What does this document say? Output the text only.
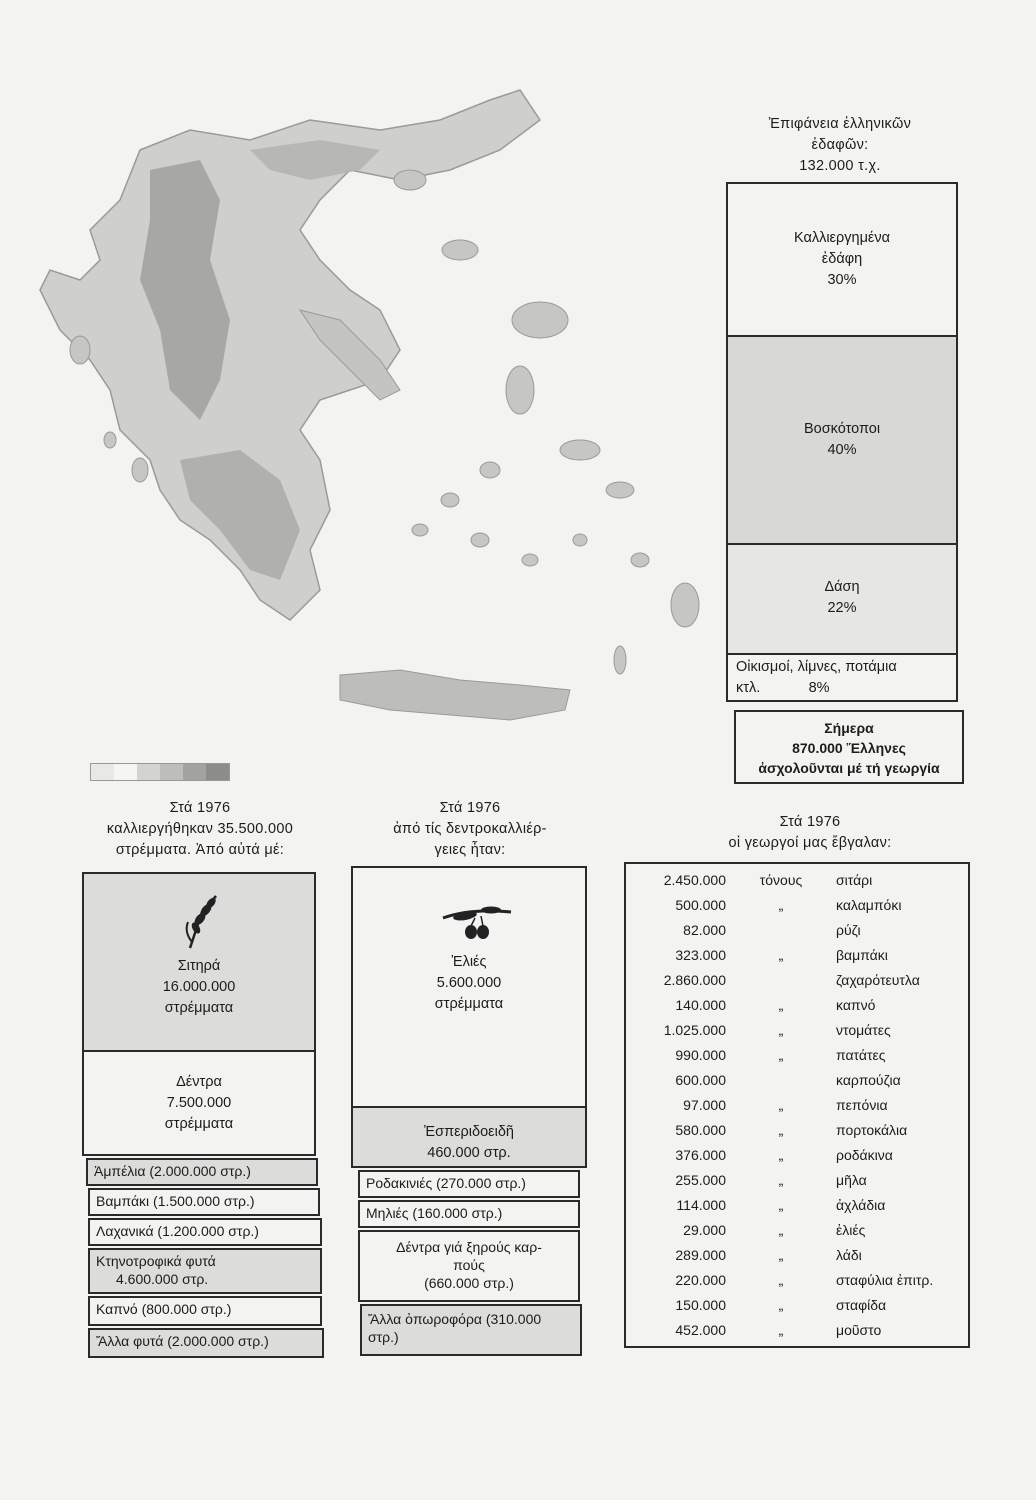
Ἐπιφάνεια ἑλληνικῶν
ἐδαφῶν:
132.000 τ.χ.
Καλλιεργημένα
ἐδάφη
30%
Βοσκότοποι
40%
Δάση
22%
Οἰκισμοί, λίμνες, ποτάμια
κτλ.	8%
Σήμερα
870.000 Ἕλληνες
ἀσχολοῦνται μέ τή γεωργία
Στά 1976
καλλιεργήθηκαν 35.500.000
στρέμματα. Ἀπό αὐτά μέ:
Σιτηρά
16.000.000
στρέμματα
Δέντρα
7.500.000
στρέμματα
Ἀμπέλια (2.000.000 στρ.)
Βαμπάκι (1.500.000 στρ.)
Λαχανικά (1.200.000 στρ.)
Κτηνοτροφικά φυτά
4.600.000 στρ.
Καπνό (800.000 στρ.)
Ἄλλα φυτά (2.000.000 στρ.)
Στά 1976
ἀπό τίς δεντροκαλλιέρ-
γειες ἦταν:
Ἐλιές
5.600.000
στρέμματα
Ἐσπεριδοειδῆ
460.000 στρ.
Ροδακινιές (270.000 στρ.)
Μηλιές (160.000 στρ.)
Δέντρα γιά ξηρούς καρ-
πούς
(660.000 στρ.)
Ἄλλα ὀπωροφόρα (310.000
στρ.)
Στά 1976
οἱ γεωργοί μας ἔβγαλαν:
2.450.000	τόνους	σιτάρι
500.000	„	καλαμπόκι
82.000	ρύζι
323.000	„	βαμπάκι
2.860.000	ζαχαρότευτλα
140.000	„	καπνό
1.025.000	„	ντομάτες
990.000	„	πατάτες
600.000	καρπούζια
97.000	„	πεπόνια
580.000	„	πορτοκάλια
376.000	„	ροδάκινα
255.000	„	μῆλα
114.000	„	ἀχλάδια
29.000	„	ἐλιές
289.000	„	λάδι
220.000	„	σταφύλια ἐπιτρ.
150.000	„	σταφίδα
452.000	„	μοῦστο
